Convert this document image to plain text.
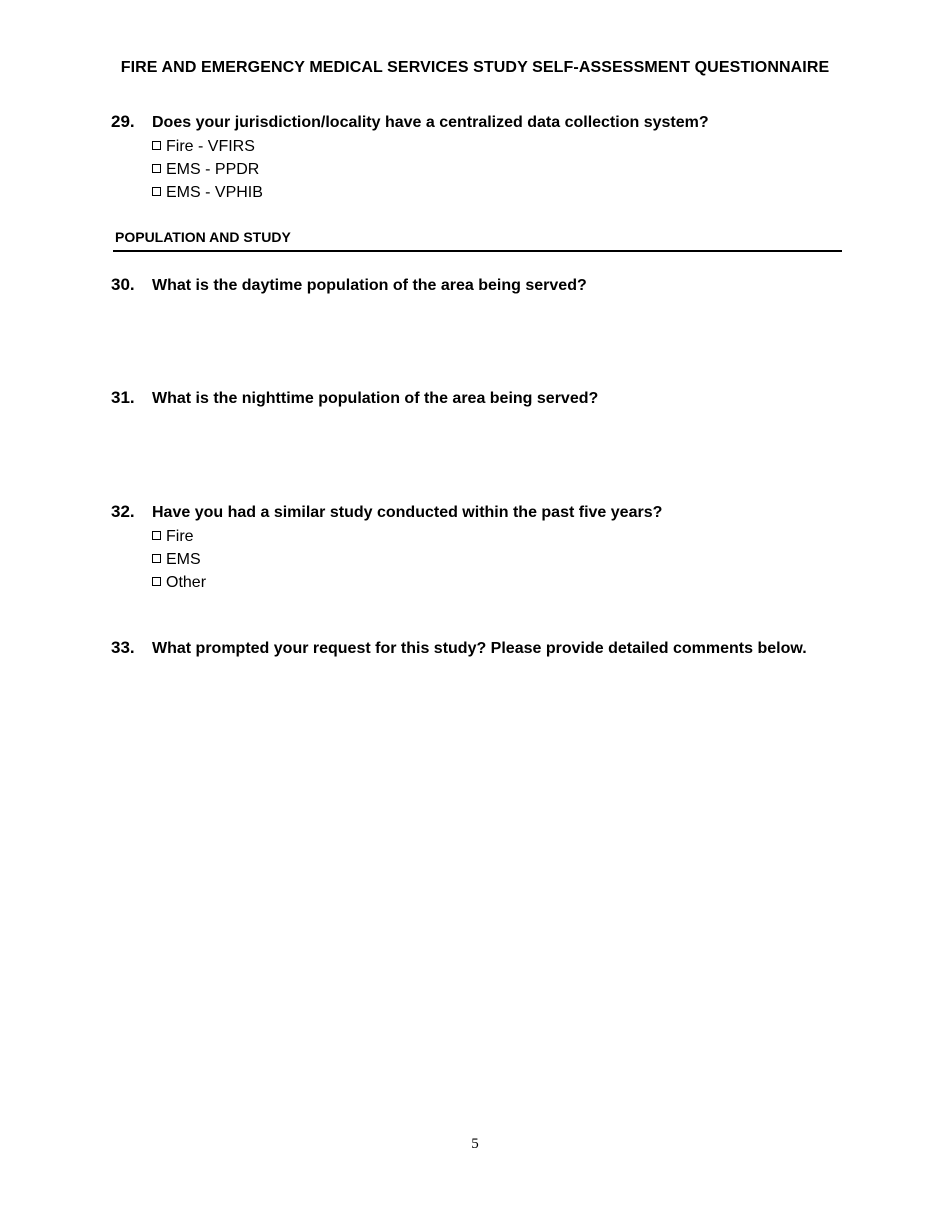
FIRE AND EMERGENCY MEDICAL SERVICES STUDY SELF-ASSESSMENT QUESTIONNAIRE
29.	Does your jurisdiction/locality have a centralized data collection system?
Fire - VFIRS
EMS - PPDR
EMS - VPHIB
POPULATION AND STUDY
30.	What is the daytime population of the area being served?
31.	What is the nighttime population of the area being served?
32.	Have you had a similar study conducted within the past five years?
Fire
EMS
Other
33.	What prompted your request for this study? Please provide detailed comments below.
5
